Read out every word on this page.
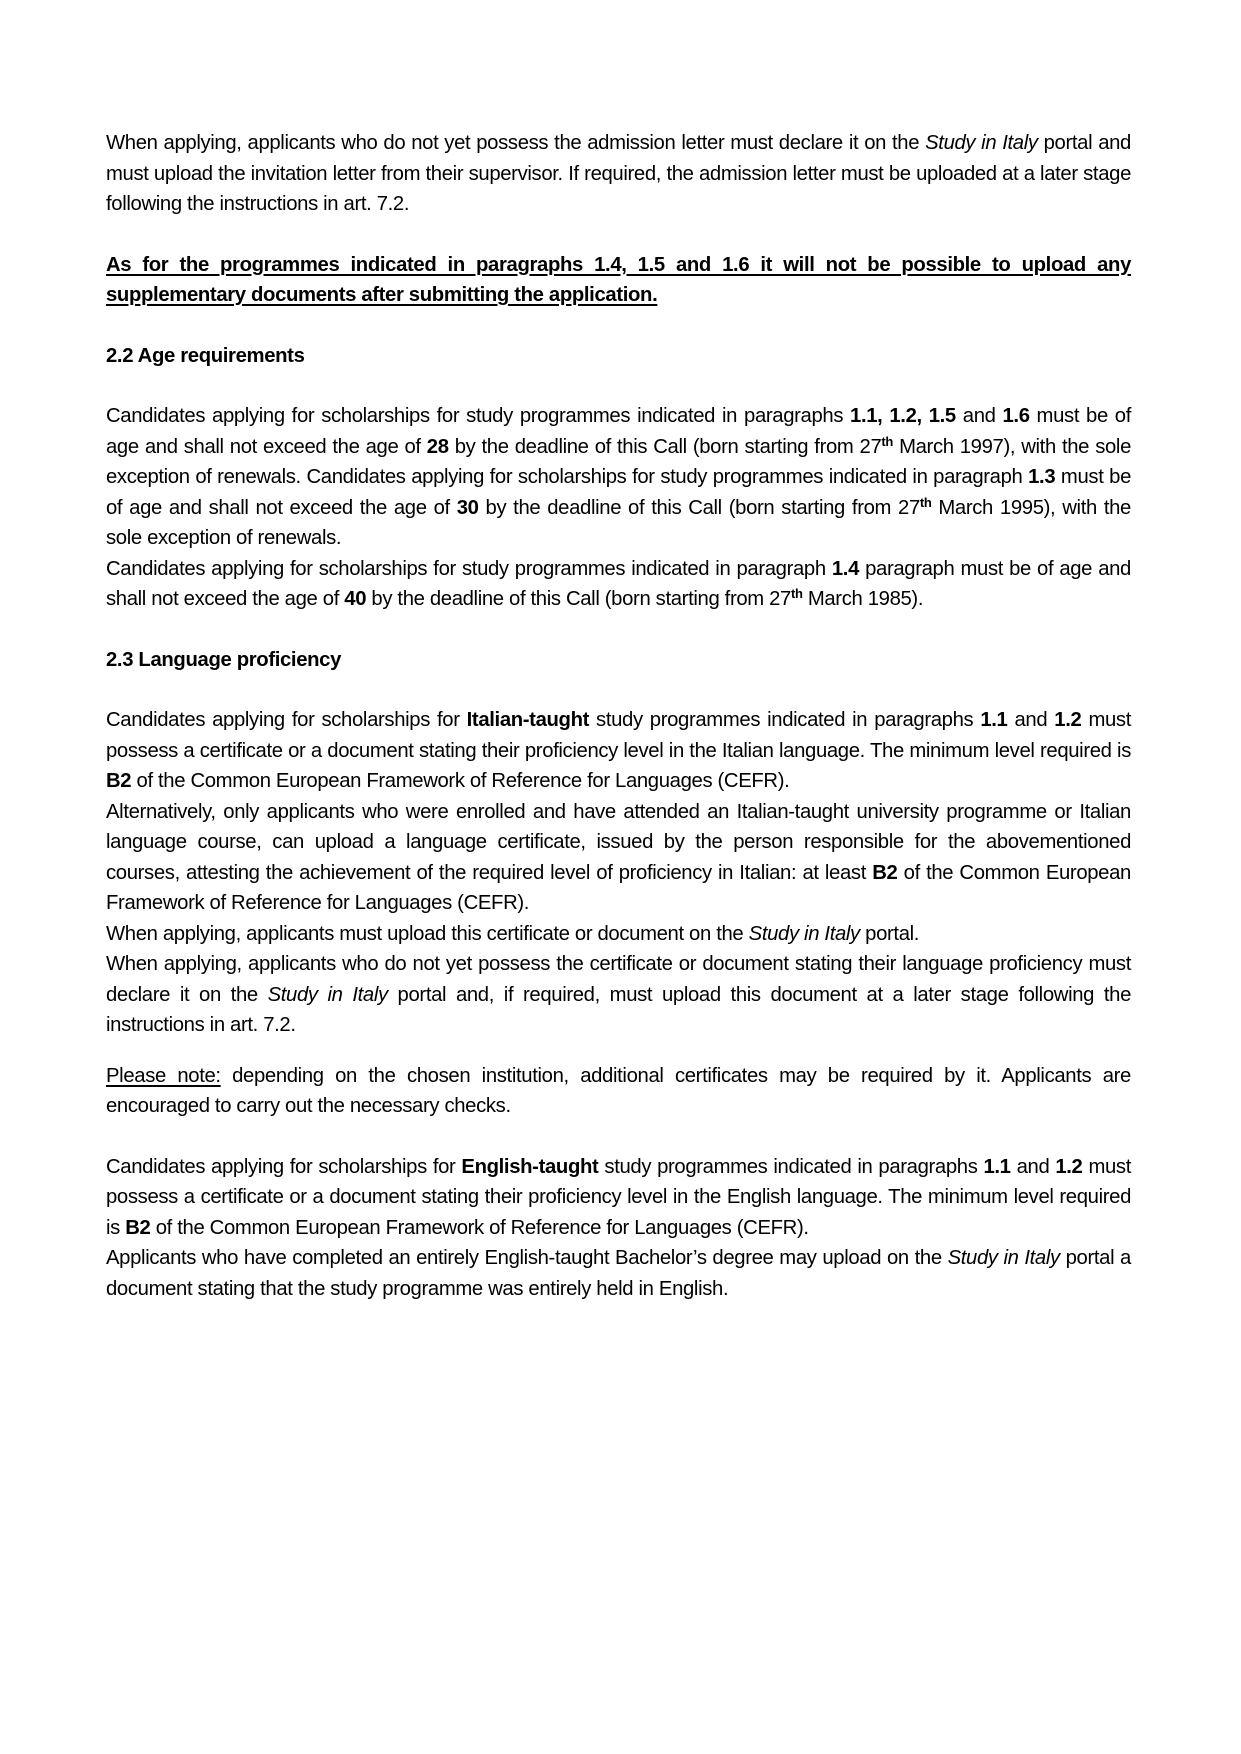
When applying, applicants who do not yet possess the admission letter must declare it on the Study in Italy portal and must upload the invitation letter from their supervisor. If required, the admission letter must be uploaded at a later stage following the instructions in art. 7.2.

As for the programmes indicated in paragraphs 1.4, 1.5 and 1.6 it will not be possible to upload any supplementary documents after submitting the application.

2.2 Age requirements

Candidates applying for scholarships for study programmes indicated in paragraphs 1.1, 1.2, 1.5 and 1.6 must be of age and shall not exceed the age of 28 by the deadline of this Call (born starting from 27th March 1997), with the sole exception of renewals. Candidates applying for scholarships for study programmes indicated in paragraph 1.3 must be of age and shall not exceed the age of 30 by the deadline of this Call (born starting from 27th March 1995), with the sole exception of renewals.

Candidates applying for scholarships for study programmes indicated in paragraph 1.4 paragraph must be of age and shall not exceed the age of 40 by the deadline of this Call (born starting from 27th March 1985).

2.3 Language proficiency

Candidates applying for scholarships for Italian-taught study programmes indicated in paragraphs 1.1 and 1.2 must possess a certificate or a document stating their proficiency level in the Italian language. The minimum level required is B2 of the Common European Framework of Reference for Languages (CEFR).

Alternatively, only applicants who were enrolled and have attended an Italian-taught university programme or Italian language course, can upload a language certificate, issued by the person responsible for the abovementioned courses, attesting the achievement of the required level of proficiency in Italian: at least B2 of the Common European Framework of Reference for Languages (CEFR).

When applying, applicants must upload this certificate or document on the Study in Italy portal.

When applying, applicants who do not yet possess the certificate or document stating their language proficiency must declare it on the Study in Italy portal and, if required, must upload this document at a later stage following the instructions in art. 7.2.

Please note: depending on the chosen institution, additional certificates may be required by it. Applicants are encouraged to carry out the necessary checks.

Candidates applying for scholarships for English-taught study programmes indicated in paragraphs 1.1 and 1.2 must possess a certificate or a document stating their proficiency level in the English language. The minimum level required is B2 of the Common European Framework of Reference for Languages (CEFR).

Applicants who have completed an entirely English-taught Bachelor’s degree may upload on the Study in Italy portal a document stating that the study programme was entirely held in English.
